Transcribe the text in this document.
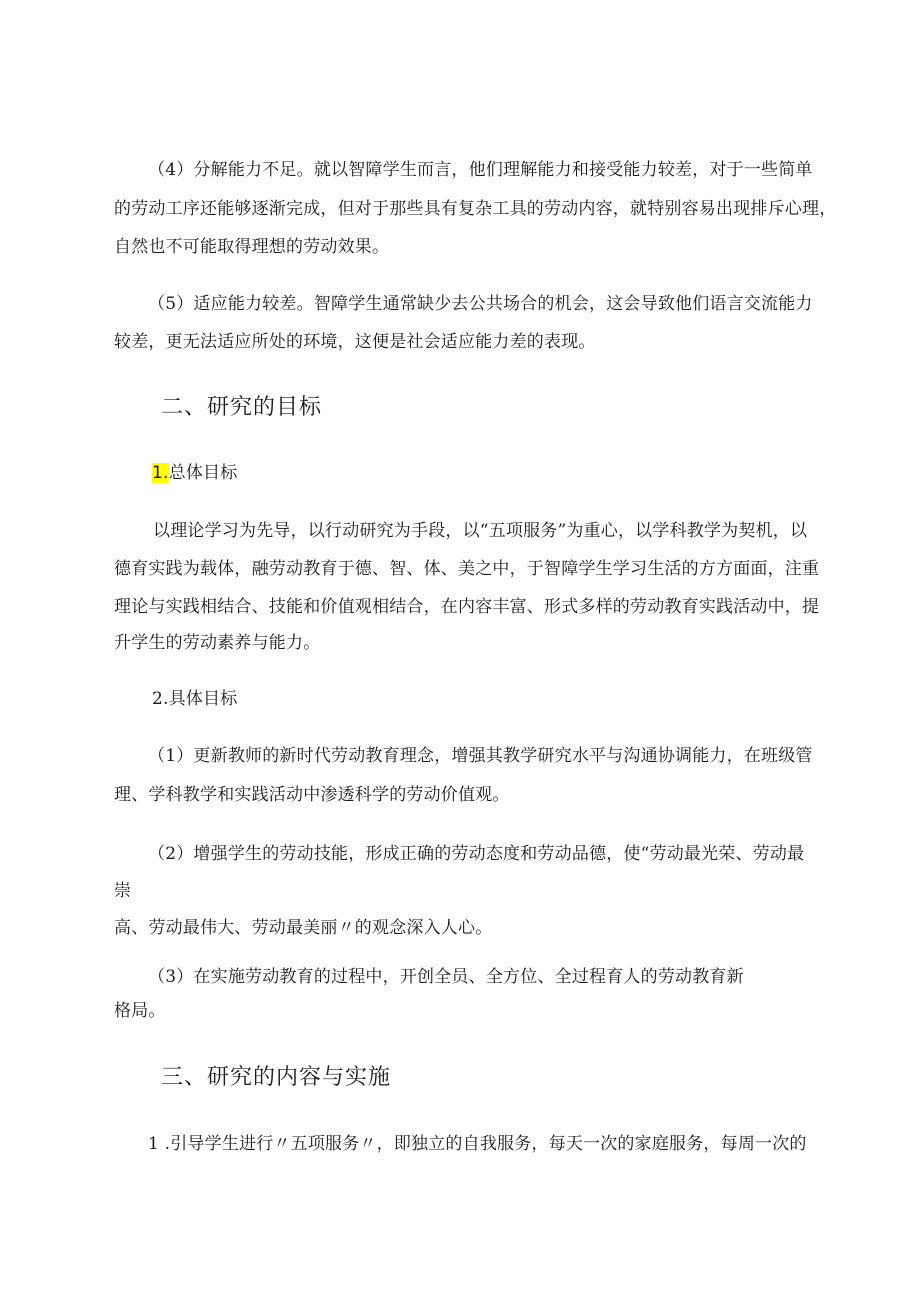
（4）分解能力不足。就以智障学生而言，他们理解能力和接受能力较差，对于一些简单
的劳动工序还能够逐渐完成，但对于那些具有复杂工具的劳动内容，就特别容易出现排斥心理，
自然也不可能取得理想的劳动效果。
（5）适应能力较差。智障学生通常缺少去公共场合的机会，这会导致他们语言交流能力
较差，更无法适应所处的环境，这便是社会适应能力差的表现。
二、研究的目标
1.总体目标
以理论学习为先导，以行动研究为手段，以“五项服务”为重心，以学科教学为契机，以
德育实践为载体，融劳动教育于德、智、体、美之中，于智障学生学习生活的方方面面，注重
理论与实践相结合、技能和价值观相结合，在内容丰富、形式多样的劳动教育实践活动中，提
升学生的劳动素养与能力。
2.具体目标
（1）更新教师的新时代劳动教育理念，增强其教学研究水平与沟通协调能力，在班级管
理、学科教学和实践活动中渗透科学的劳动价值观。
（2）增强学生的劳动技能，形成正确的劳动态度和劳动品德，使“劳动最光荣、劳动最
崇
高、劳动最伟大、劳动最美丽〃的观念深入人心。
（3）在实施劳动教育的过程中，开创全员、全方位、全过程育人的劳动教育新
格局。
三、研究的内容与实施
1 .引导学生进行〃五项服务〃，即独立的自我服务，每天一次的家庭服务，每周一次的
